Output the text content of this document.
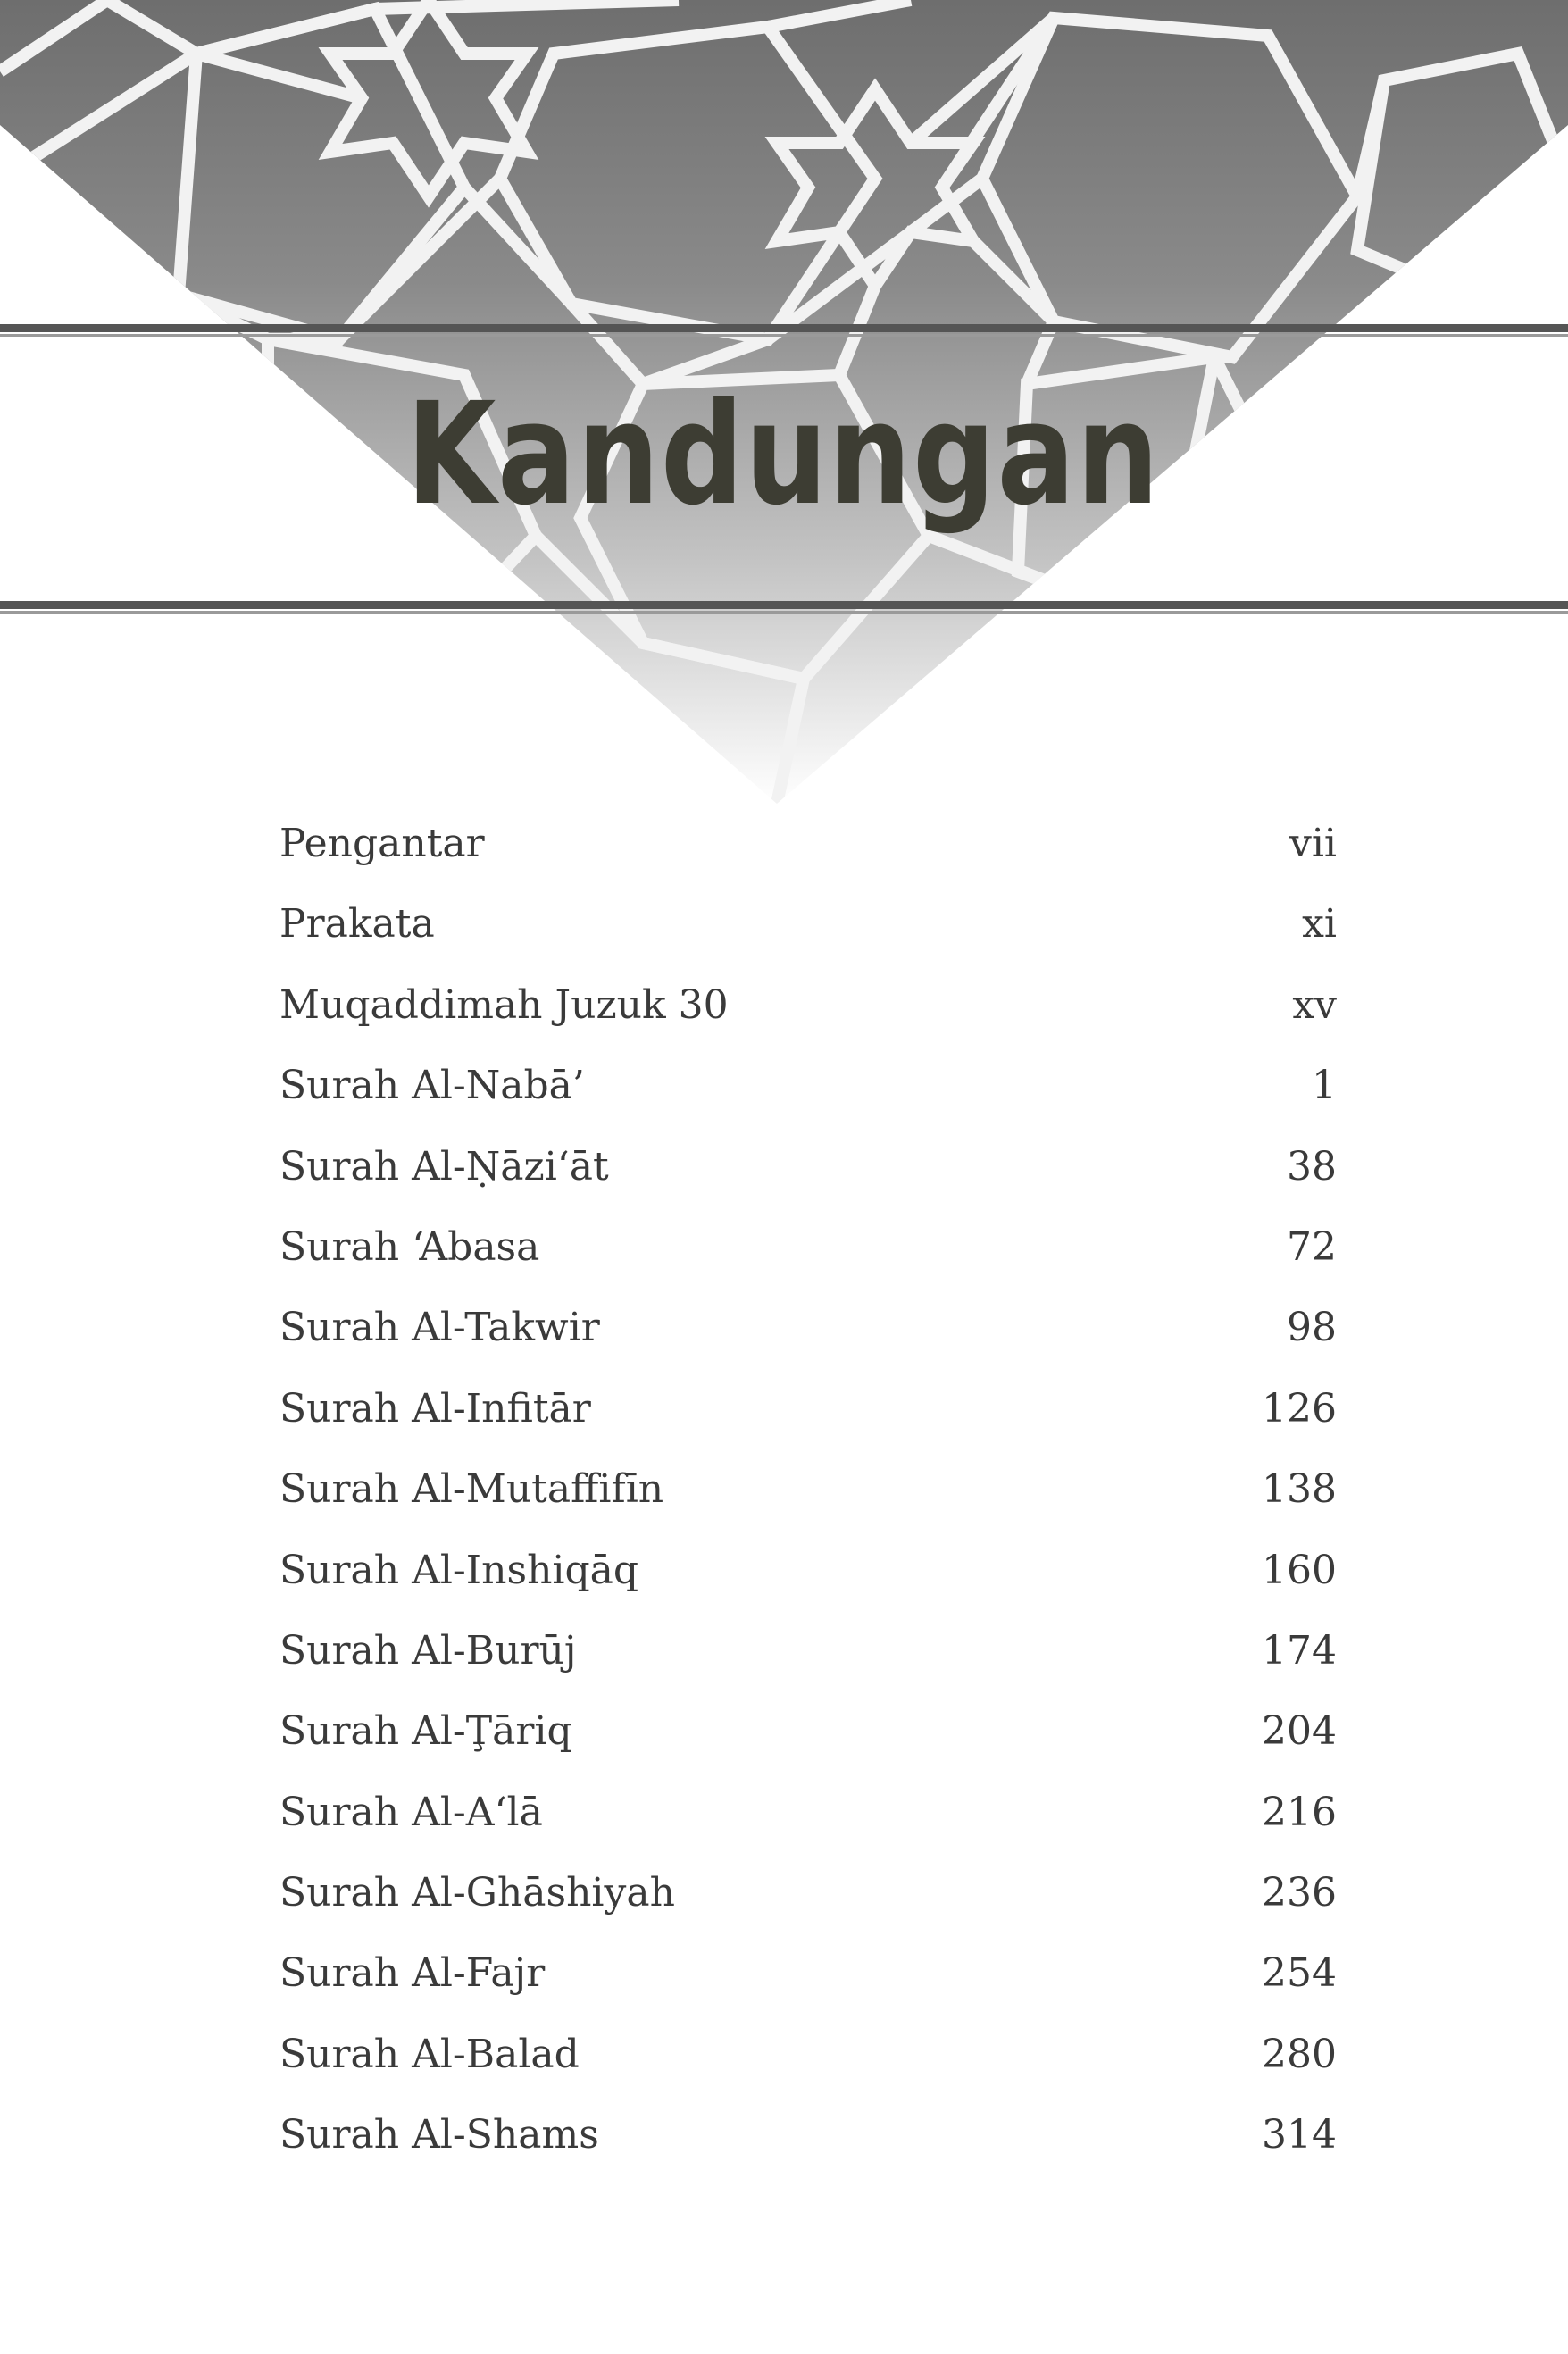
Kandungan
Pengantar	vii
Prakata	xi
Muqaddimah Juzuk 30	xv
Surah Al-Nabā’	1
Surah Al-Ṇāzi‘āt	38
Surah ‘Abasa	72
Surah Al-Takwir	98
Surah Al-Infitār	126
Surah Al-Mutaffifīn	138
Surah Al-Inshiqāq	160
Surah Al-Burūj	174
Surah Al-Ţāriq	204
Surah Al-A‘lā	216
Surah Al-Ghāshiyah	236
Surah Al-Fajr	254
Surah Al-Balad	280
Surah Al-Shams	314
